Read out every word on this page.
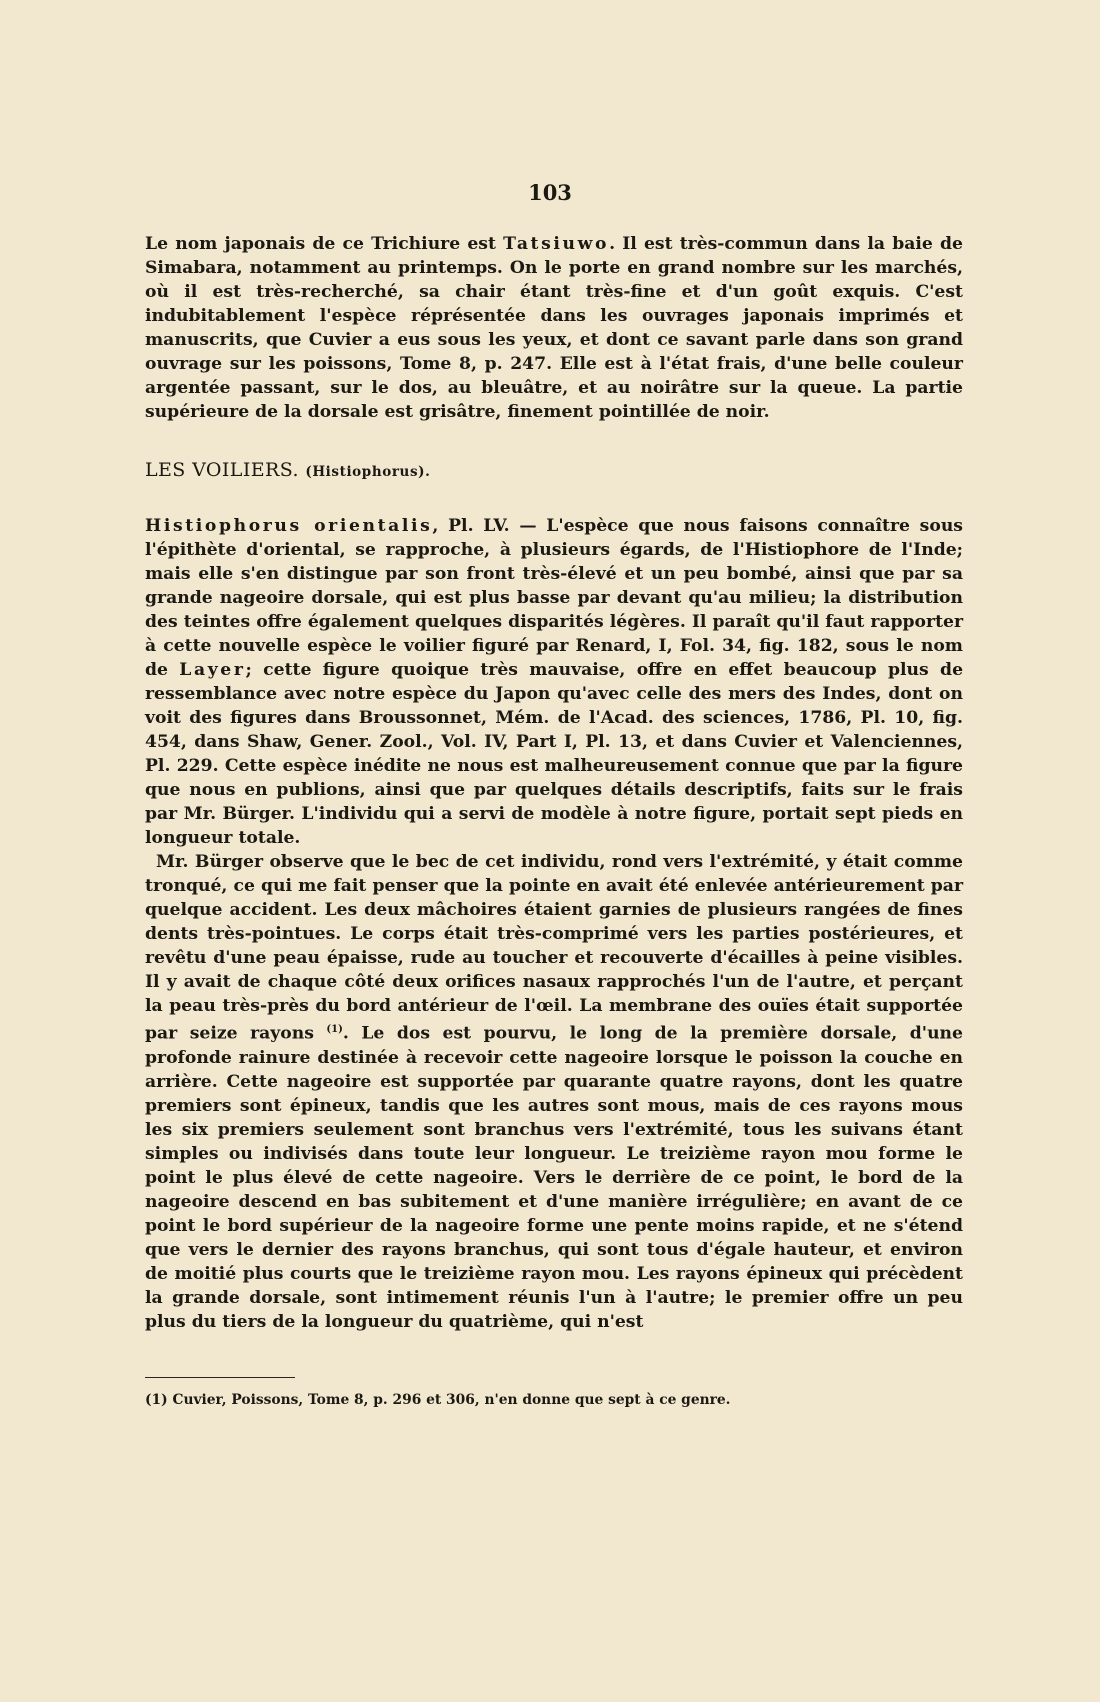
103

Le nom japonais de ce Trichiure est Tatsiuwo. Il est très-commun dans la baie de Simabara, notamment au printemps. On le porte en grand nombre sur les marchés, où il est très-recherché, sa chair étant très-fine et d'un goût exquis. C'est indubitablement l'espèce réprésentée dans les ouvrages japonais imprimés et manuscrits, que Cuvier a eus sous les yeux, et dont ce savant parle dans son grand ouvrage sur les poissons, Tome 8, p. 247. Elle est à l'état frais, d'une belle couleur argentée passant, sur le dos, au bleuâtre, et au noirâtre sur la queue. La partie supérieure de la dorsale est grisâtre, finement pointillée de noir.

LES VOILIERS. (Histiophorus).

Histiophorus orientalis, Pl. LV. — L'espèce que nous faisons connaître sous l'épithète d'oriental, se rapproche, à plusieurs égards, de l'Histiophore de l'Inde; mais elle s'en distingue par son front très-élevé et un peu bombé, ainsi que par sa grande nageoire dorsale, qui est plus basse par devant qu'au milieu; la distribution des teintes offre également quelques disparités légères. Il paraît qu'il faut rapporter à cette nouvelle espèce le voilier figuré par Renard, I, Fol. 34, fig. 182, sous le nom de Layer; cette figure quoique très mauvaise, offre en effet beaucoup plus de ressemblance avec notre espèce du Japon qu'avec celle des mers des Indes, dont on voit des figures dans Broussonnet, Mém. de l'Acad. des sciences, 1786, Pl. 10, fig. 454, dans Shaw, Gener. Zool., Vol. IV, Part I, Pl. 13, et dans Cuvier et Valenciennes, Pl. 229. Cette espèce inédite ne nous est malheureusement connue que par la figure que nous en publions, ainsi que par quelques détails descriptifs, faits sur le frais par Mr. Bürger. L'individu qui a servi de modèle à notre figure, portait sept pieds en longueur totale.

Mr. Bürger observe que le bec de cet individu, rond vers l'extrémité, y était comme tronqué, ce qui me fait penser que la pointe en avait été enlevée antérieurement par quelque accident. Les deux mâchoires étaient garnies de plusieurs rangées de fines dents très-pointues. Le corps était très-comprimé vers les parties postérieures, et revêtu d'une peau épaisse, rude au toucher et recouverte d'écailles à peine visibles. Il y avait de chaque côté deux orifices nasaux rapprochés l'un de l'autre, et perçant la peau très-près du bord antérieur de l'œil. La membrane des ouïes était supportée par seize rayons $^{(1)}$. Le dos est pourvu, le long de la première dorsale, d'une profonde rainure destinée à recevoir cette nageoire lorsque le poisson la couche en arrière. Cette nageoire est supportée par quarante quatre rayons, dont les quatre premiers sont épineux, tandis que les autres sont mous, mais de ces rayons mous les six premiers seulement sont branchus vers l'extrémité, tous les suivans étant simples ou indivisés dans toute leur longueur. Le treizième rayon mou forme le point le plus élevé de cette nageoire. Vers le derrière de ce point, le bord de la nageoire descend en bas subitement et d'une manière irrégulière; en avant de ce point le bord supérieur de la nageoire forme une pente moins rapide, et ne s'étend que vers le dernier des rayons branchus, qui sont tous d'égale hauteur, et environ de moitié plus courts que le treizième rayon mou. Les rayons épineux qui précèdent la grande dorsale, sont intimement réunis l'un à l'autre; le premier offre un peu plus du tiers de la longueur du quatrième, qui n'est

(1) Cuvier, Poissons, Tome 8, p. 296 et 306, n'en donne que sept à ce genre.
